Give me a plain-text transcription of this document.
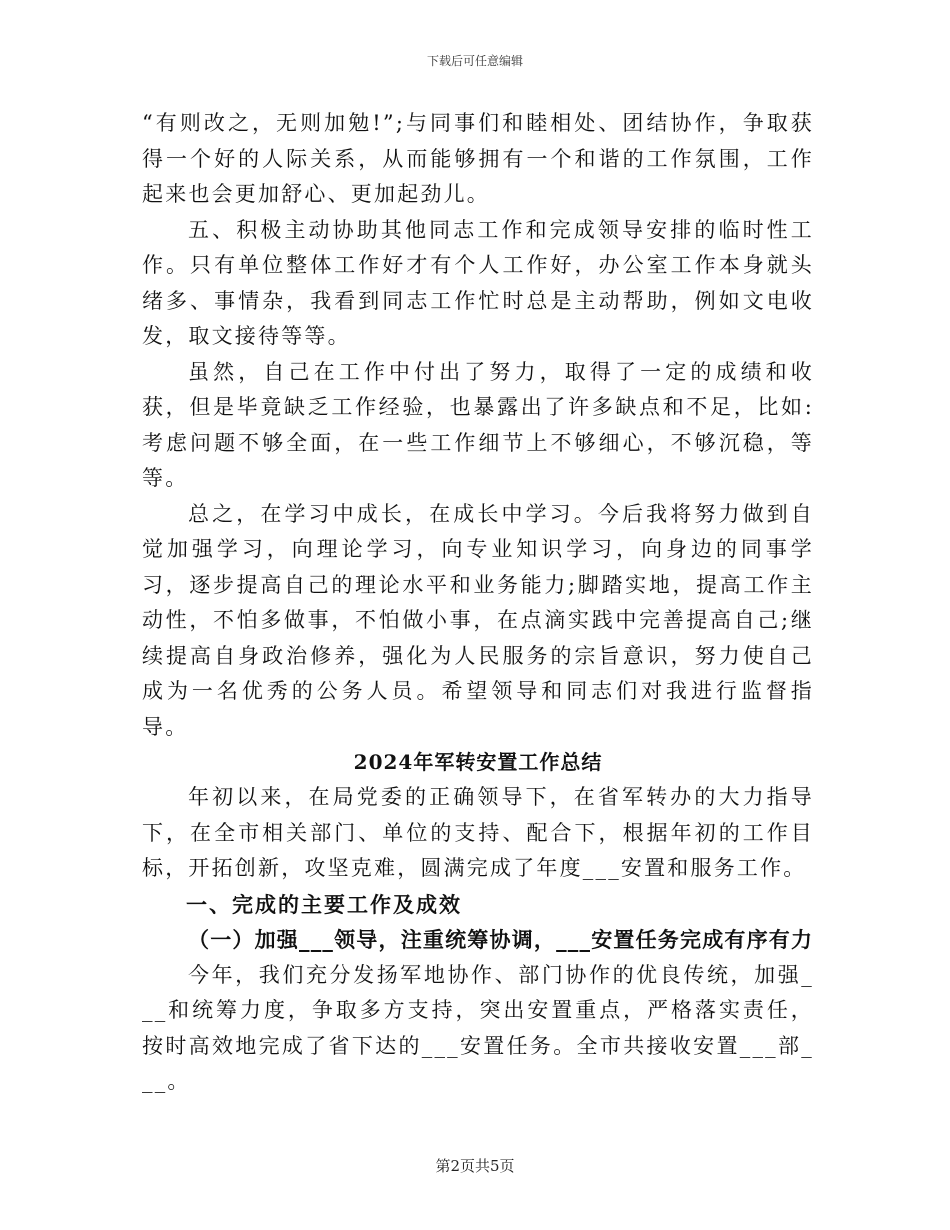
下载后可任意编辑

“有则改之，无则加勉!”;与同事们和睦相处、团结协作，争取获得一个好的人际关系，从而能够拥有一个和谐的工作氛围，工作起来也会更加舒心、更加起劲儿。

五、积极主动协助其他同志工作和完成领导安排的临时性工作。只有单位整体工作好才有个人工作好，办公室工作本身就头绪多、事情杂，我看到同志工作忙时总是主动帮助，例如文电收发，取文接待等等。

虽然，自己在工作中付出了努力，取得了一定的成绩和收获，但是毕竟缺乏工作经验，也暴露出了许多缺点和不足，比如:考虑问题不够全面，在一些工作细节上不够细心，不够沉稳，等等。

总之，在学习中成长，在成长中学习。今后我将努力做到自觉加强学习，向理论学习，向专业知识学习，向身边的同事学习，逐步提高自己的理论水平和业务能力;脚踏实地，提高工作主动性，不怕多做事，不怕做小事，在点滴实践中完善提高自己;继续提高自身政治修养，强化为人民服务的宗旨意识，努力使自己成为一名优秀的公务人员。希望领导和同志们对我进行监督指导。

2024年军转安置工作总结

年初以来，在局党委的正确领导下，在省军转办的大力指导下，在全市相关部门、单位的支持、配合下，根据年初的工作目标，开拓创新，攻坚克难，圆满完成了年度___安置和服务工作。

一、完成的主要工作及成效

（一）加强___领导，注重统筹协调，___安置任务完成有序有力

今年，我们充分发扬军地协作、部门协作的优良传统，加强___和统筹力度，争取多方支持，突出安置重点，严格落实责任，按时高效地完成了省下达的___安置任务。全市共接收安置___部___。

第2页共5页
